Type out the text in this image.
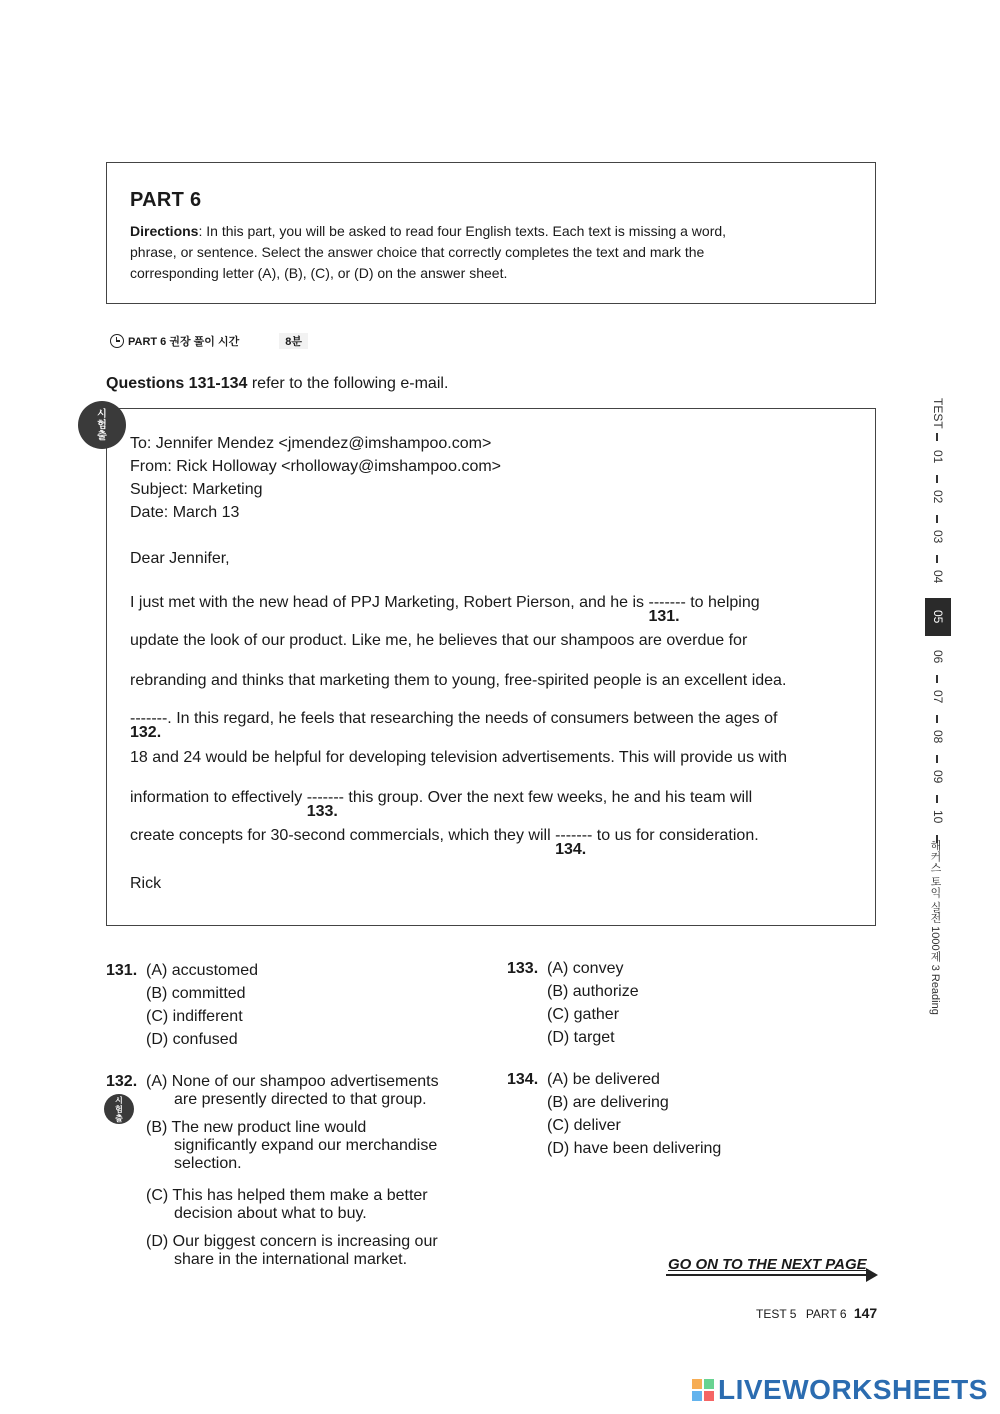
PART 6
Directions: In this part, you will be asked to read four English texts. Each text is missing a word,
phrase, or sentence. Select the answer choice that correctly completes the text and mark the
corresponding letter (A), (B), (C), or (D) on the answer sheet.
PART 6 권장 풀이 시간	8분
Questions 131-134 refer to the following e-mail.
시
험
출 To: Jennifer Mendez <jmendez@imshampoo.com>
From: Rick Holloway <rholloway@imshampoo.com>
Subject: Marketing
Date: March 13
Dear Jennifer,
I just met with the new head of PPJ Marketing, Robert Pierson, and he is -------
131.
to helping
update the look of our product. Like me, he believes that our shampoos are overdue for
rebranding and thinks that marketing them to young, free-spirited people is an excellent idea.
-------
132.
. In this regard, he feels that researching the needs of consumers between the ages of
18 and 24 would be helpful for developing television advertisements. This will provide us with
information to effectively -------
133.
this group. Over the next few weeks, he and his team will
create concepts for 30-second commercials, which they will -------
134.
to us for consideration.
Rick
131. (A) accustomed
(B) committed
(C) indifferent
(D) confused
132.
시
험
출
(A) None of our shampoo advertisements
are presently directed to that group.
(B) The new product line would
significantly expand our merchandise
selection.
(C) This has helped them make a better
decision about what to buy.
(D) Our biggest concern is increasing our
share in the international market.
133. (A) convey
(B) authorize
(C) gather
(D) target
134. (A) be delivered
(B) are delivering
(C) deliver
(D) have been delivering
TEST
01
02
03
04
05
06
07
08
09
10
해커스 토익 실전 1000제 3 Reading
GO ON TO THE NEXT PAGE
TEST 5 PART 6 147
LIVEWORKSHEETS
